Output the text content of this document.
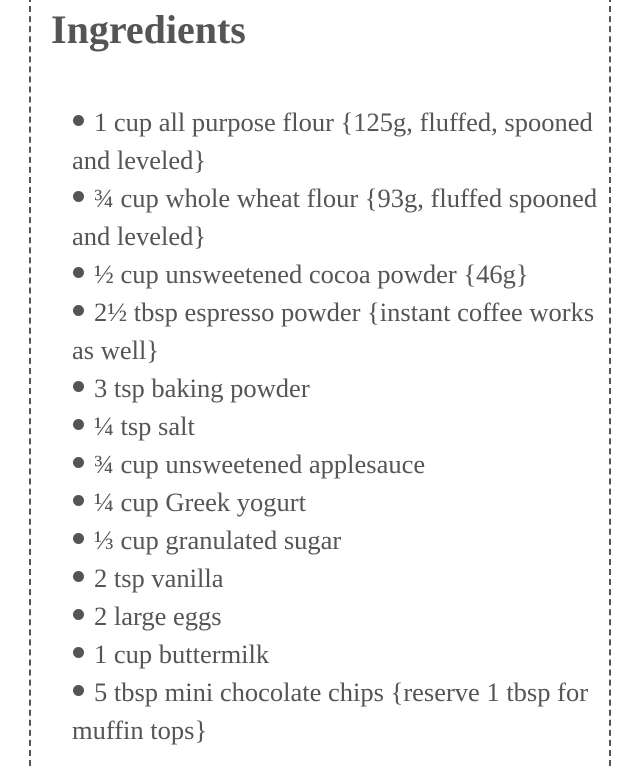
Ingredients
1 cup all purpose flour {125g, fluffed, spooned and leveled}
¾ cup whole wheat flour {93g, fluffed spooned and leveled}
½ cup unsweetened cocoa powder {46g}
2½ tbsp espresso powder {instant coffee works as well}
3 tsp baking powder
¼ tsp salt
¾ cup unsweetened applesauce
¼ cup Greek yogurt
⅓ cup granulated sugar
2 tsp vanilla
2 large eggs
1 cup buttermilk
5 tbsp mini chocolate chips {reserve 1 tbsp for muffin tops}
